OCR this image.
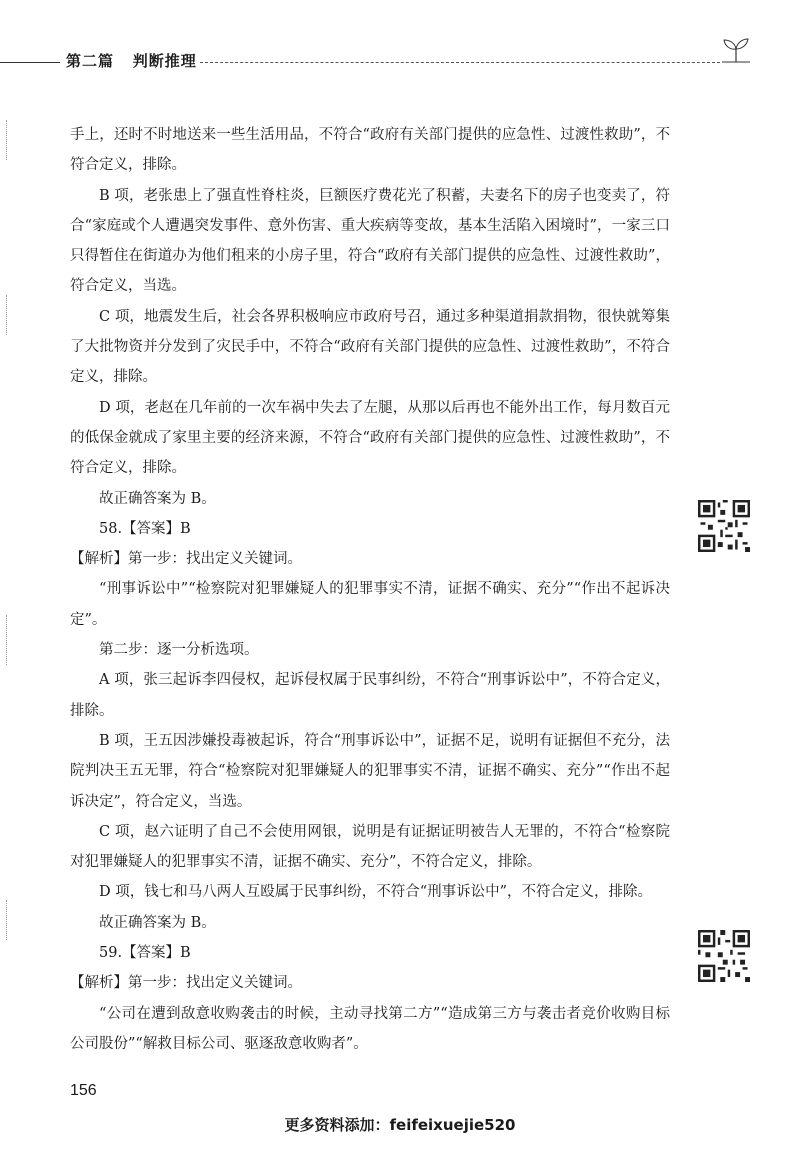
第二篇 判断推理

手上，还时不时地送来一些生活用品，不符合“政府有关部门提供的应急性、过渡性救助”，不符合定义，排除。

B 项，老张患上了强直性脊柱炎，巨额医疗费花光了积蓄，夫妻名下的房子也变卖了，符合“家庭或个人遭遇突发事件、意外伤害、重大疾病等变故，基本生活陷入困境时”，一家三口只得暂住在街道办为他们租来的小房子里，符合“政府有关部门提供的应急性、过渡性救助”，符合定义，当选。

C 项，地震发生后，社会各界积极响应市政府号召，通过多种渠道捐款捐物，很快就筹集了大批物资并分发到了灾民手中，不符合“政府有关部门提供的应急性、过渡性救助”，不符合定义，排除。

D 项，老赵在几年前的一次车祸中失去了左腿，从那以后再也不能外出工作，每月数百元的低保金就成了家里主要的经济来源，不符合“政府有关部门提供的应急性、过渡性救助”，不符合定义，排除。

故正确答案为 B。

58.【答案】B

【解析】第一步：找出定义关键词。

“刑事诉讼中”“检察院对犯罪嫌疑人的犯罪事实不清，证据不确实、充分”“作出不起诉决定”。

第二步：逐一分析选项。

A 项，张三起诉李四侵权，起诉侵权属于民事纠纷，不符合“刑事诉讼中”，不符合定义，排除。

B 项，王五因涉嫌投毒被起诉，符合“刑事诉讼中”，证据不足，说明有证据但不充分，法院判决王五无罪，符合“检察院对犯罪嫌疑人的犯罪事实不清，证据不确实、充分”“作出不起诉决定”，符合定义，当选。

C 项，赵六证明了自己不会使用网银，说明是有证据证明被告人无罪的，不符合“检察院对犯罪嫌疑人的犯罪事实不清，证据不确实、充分”，不符合定义，排除。

D 项，钱七和马八两人互殴属于民事纠纷，不符合“刑事诉讼中”，不符合定义，排除。

故正确答案为 B。

59.【答案】B

【解析】第一步：找出定义关键词。

“公司在遭到敌意收购袭击的时候，主动寻找第二方”“造成第三方与袭击者竞价收购目标公司股份”“解救目标公司、驱逐敌意收购者”。

156
更多资料添加：feifeixuejie520
